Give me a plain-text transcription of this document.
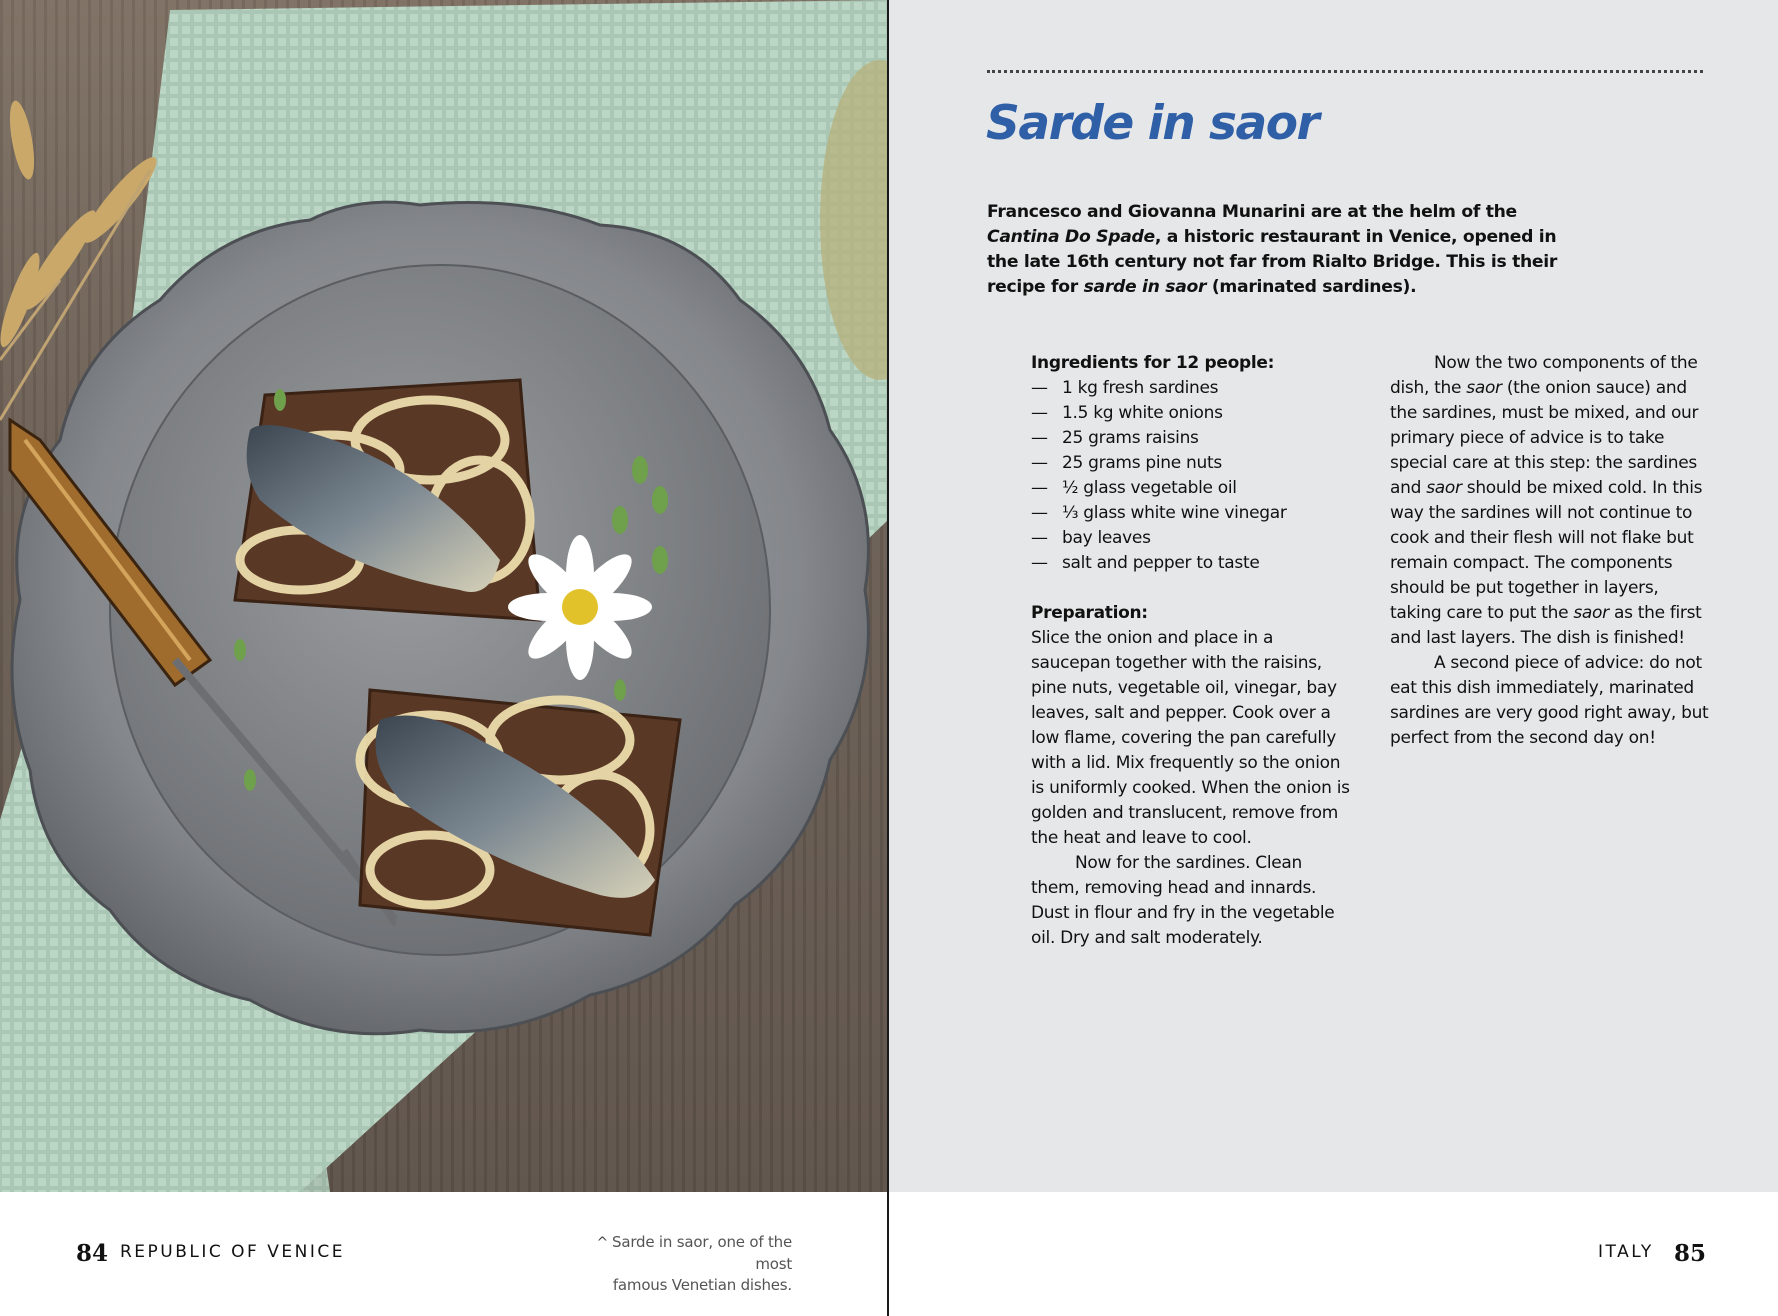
Sarde in saor

Francesco and Giovanna Munarini are at the helm of the Cantina Do Spade, a historic restaurant in Venice, opened in the late 16th century not far from Rialto Bridge. This is their recipe for sarde in saor (marinated sardines).

Ingredients for 12 people:

— 1 kg fresh sardines
— 1.5 kg white onions
— 25 grams raisins
— 25 grams pine nuts
— ½ glass vegetable oil
— ⅓ glass white wine vinegar
— bay leaves
— salt and pepper to taste

Preparation:

Slice the onion and place in a saucepan together with the raisins, pine nuts, vegetable oil, vinegar, bay leaves, salt and pepper. Cook over a low flame, covering the pan carefully with a lid. Mix frequently so the onion is uniformly cooked. When the onion is golden and translucent, remove from the heat and leave to cool.

Now for the sardines. Clean them, removing head and innards. Dust in flour and fry in the vegetable oil. Dry and salt moderately.

Now the two components of the dish, the saor (the onion sauce) and the sardines, must be mixed, and our primary piece of advice is to take special care at this step: the sardines and saor should be mixed cold. In this way the sardines will not continue to cook and their flesh will not flake but remain compact. The components should be put together in layers, taking care to put the saor as the first and last layers. The dish is finished!

A second piece of advice: do not eat this dish immediately, marinated sardines are very good right away, but perfect from the second day on!

84 REPUBLIC OF VENICE	^ Sarde in saor, one of the most
famous Venetian dishes.
ITALY 85
